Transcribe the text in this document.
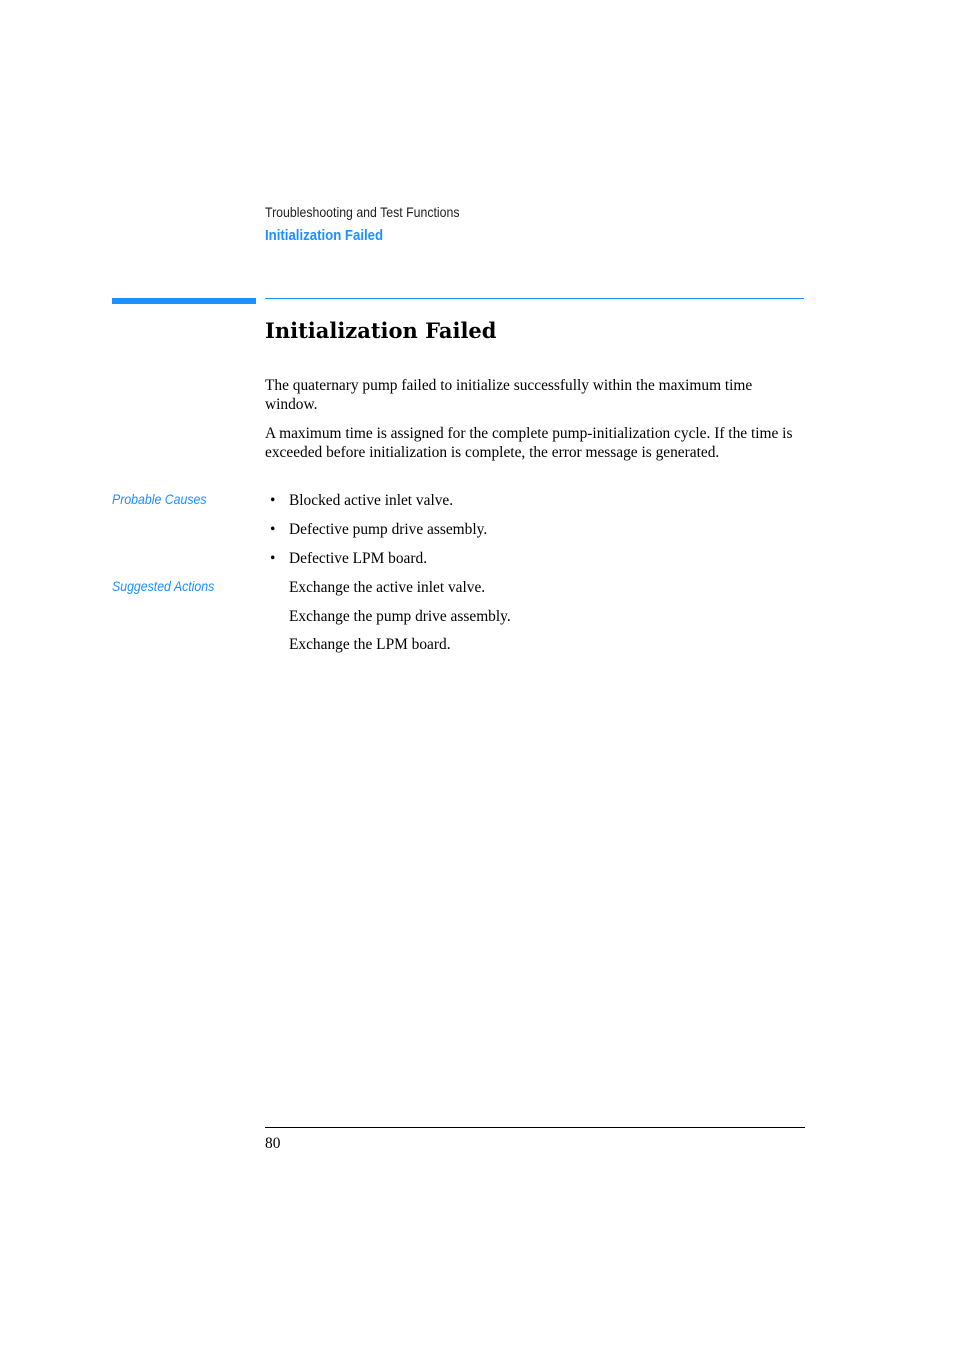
Troubleshooting and Test Functions
Initialization Failed
Initialization Failed

The quaternary pump failed to initialize successfully within the maximum time window.

A maximum time is assigned for the complete pump-initialization cycle. If the time is exceeded before initialization is complete, the error message is generated.

Probable Causes	• Blocked active inlet valve.
• Defective pump drive assembly.
• Defective LPM board.
Suggested Actions	Exchange the active inlet valve.
Exchange the pump drive assembly.
Exchange the LPM board.
80
